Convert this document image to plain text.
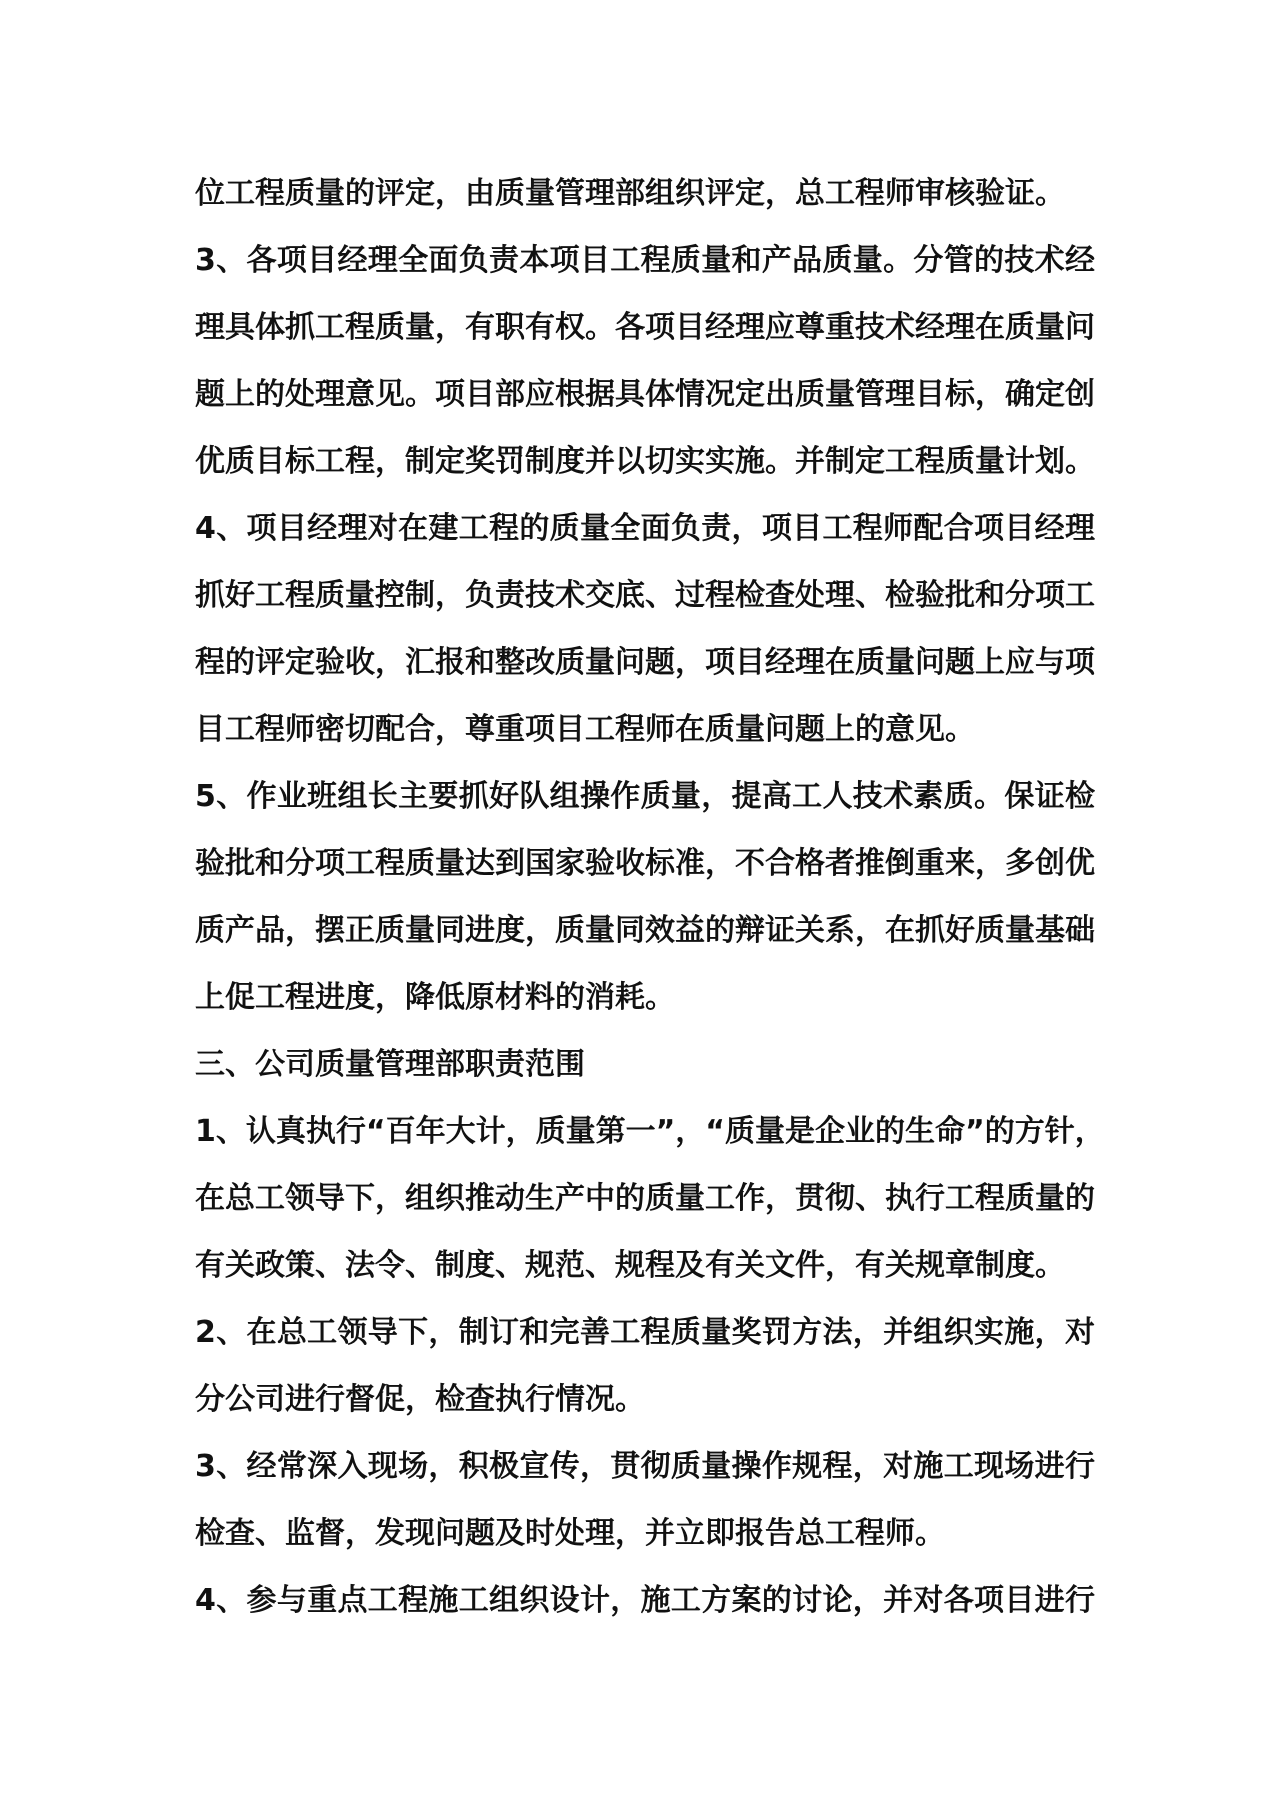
位工程质量的评定，由质量管理部组织评定，总工程师审核验证。
3、各项目经理全面负责本项目工程质量和产品质量。分管的技术经
理具体抓工程质量，有职有权。各项目经理应尊重技术经理在质量问
题上的处理意见。项目部应根据具体情况定出质量管理目标，确定创
优质目标工程，制定奖罚制度并以切实实施。并制定工程质量计划。
4、项目经理对在建工程的质量全面负责，项目工程师配合项目经理
抓好工程质量控制，负责技术交底、过程检查处理、检验批和分项工
程的评定验收，汇报和整改质量问题，项目经理在质量问题上应与项
目工程师密切配合，尊重项目工程师在质量问题上的意见。
5、作业班组长主要抓好队组操作质量，提高工人技术素质。保证检
验批和分项工程质量达到国家验收标准，不合格者推倒重来，多创优
质产品，摆正质量同进度，质量同效益的辩证关系，在抓好质量基础
上促工程进度，降低原材料的消耗。
三、公司质量管理部职责范围
1、认真执行“百年大计，质量第一”，“质量是企业的生命”的方针，
在总工领导下，组织推动生产中的质量工作，贯彻、执行工程质量的
有关政策、法令、制度、规范、规程及有关文件，有关规章制度。
2、在总工领导下，制订和完善工程质量奖罚方法，并组织实施，对
分公司进行督促，检查执行情况。
3、经常深入现场，积极宣传，贯彻质量操作规程，对施工现场进行
检查、监督，发现问题及时处理，并立即报告总工程师。
4、参与重点工程施工组织设计，施工方案的讨论，并对各项目进行
